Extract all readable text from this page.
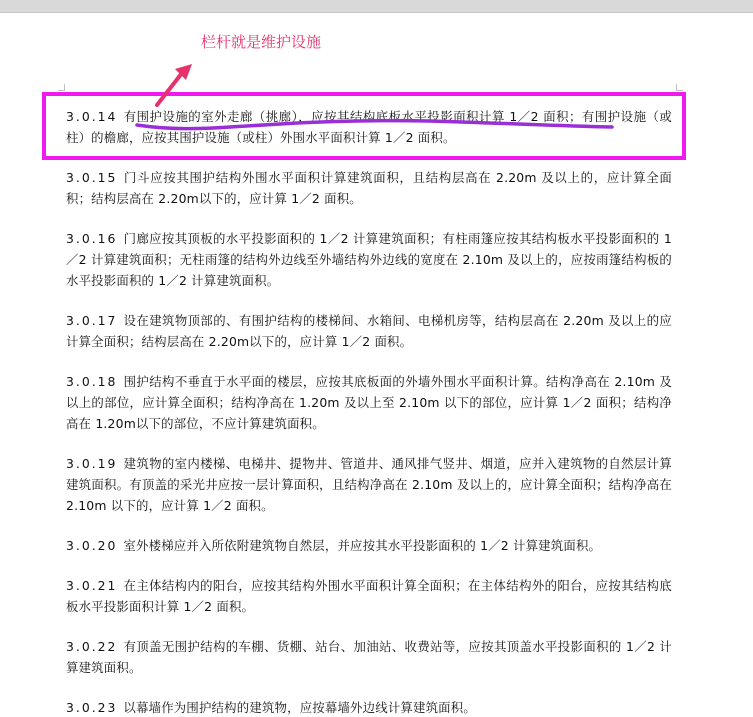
栏杆就是维护设施

3.0.14 有围护设施的室外走廊（挑廊），应按其结构底板水平投影面积计算 1／2 面积；有围护设施（或柱）的檐廊，应按其围护设施（或柱）外围水平面积计算 1／2 面积。

3.0.15 门斗应按其围护结构外围水平面积计算建筑面积，且结构层高在 2.20m 及以上的，应计算全面积；结构层高在 2.20m以下的，应计算 1／2 面积。

3.0.16 门廊应按其顶板的水平投影面积的 1／2 计算建筑面积；有柱雨篷应按其结构板水平投影面积的 1／2 计算建筑面积；无柱雨篷的结构外边线至外墙结构外边线的宽度在 2.10m 及以上的，应按雨篷结构板的水平投影面积的 1／2 计算建筑面积。

3.0.17 设在建筑物顶部的、有围护结构的楼梯间、水箱间、电梯机房等，结构层高在 2.20m 及以上的应计算全面积；结构层高在 2.20m以下的，应计算 1／2 面积。

3.0.18 围护结构不垂直于水平面的楼层，应按其底板面的外墙外围水平面积计算。结构净高在 2.10m 及以上的部位，应计算全面积；结构净高在 1.20m 及以上至 2.10m 以下的部位，应计算 1／2 面积；结构净高在 1.20m以下的部位，不应计算建筑面积。

3.0.19 建筑物的室内楼梯、电梯井、提物井、管道井、通风排气竖井、烟道，应并入建筑物的自然层计算建筑面积。有顶盖的采光井应按一层计算面积，且结构净高在 2.10m 及以上的，应计算全面积；结构净高在 2.10m 以下的，应计算 1／2 面积。

3.0.20 室外楼梯应并入所依附建筑物自然层，并应按其水平投影面积的 1／2 计算建筑面积。

3.0.21 在主体结构内的阳台，应按其结构外围水平面积计算全面积；在主体结构外的阳台，应按其结构底板水平投影面积计算 1／2 面积。

3.0.22 有顶盖无围护结构的车棚、货棚、站台、加油站、收费站等，应按其顶盖水平投影面积的 1／2 计算建筑面积。

3.0.23 以幕墙作为围护结构的建筑物，应按幕墙外边线计算建筑面积。
